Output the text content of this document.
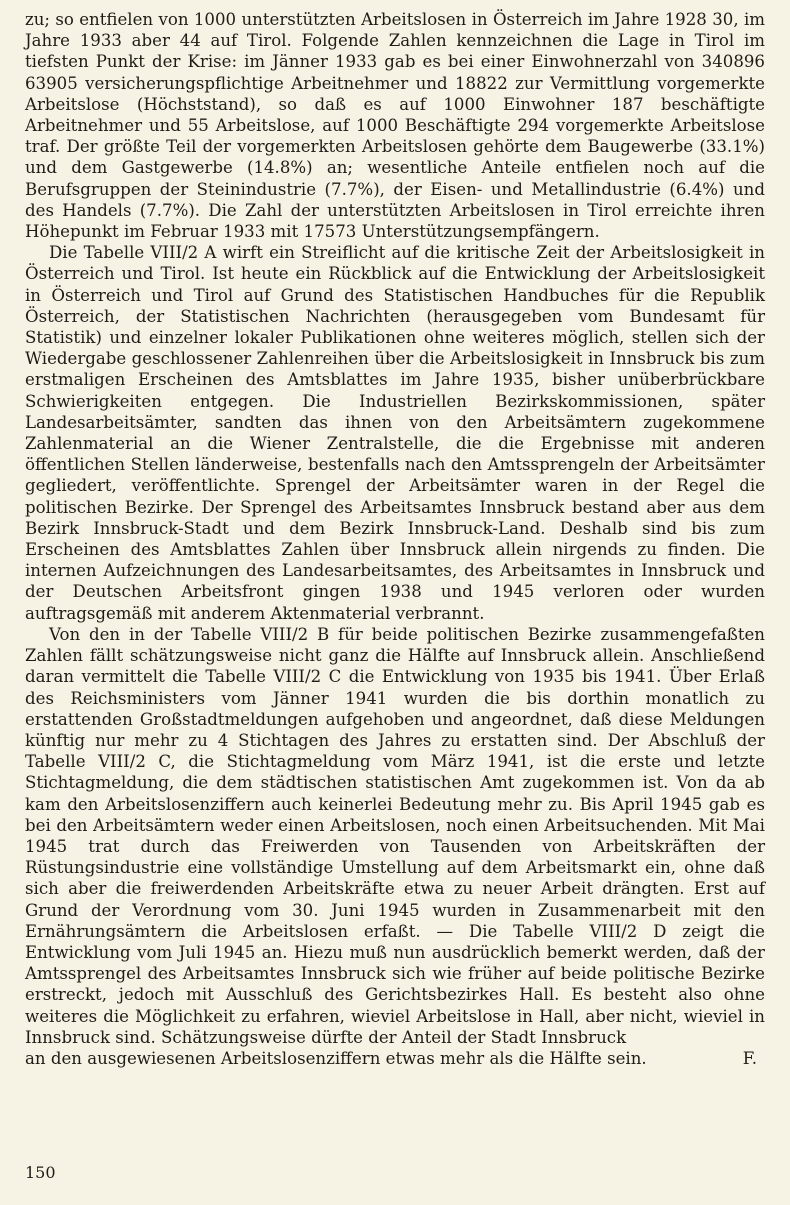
zu; so entfielen von 1000 unterstützten Arbeitslosen in Österreich im Jahre 1928 30, im Jahre 1933 aber 44 auf Tirol. Folgende Zahlen kennzeichnen die Lage in Tirol im tiefsten Punkt der Krise: im Jänner 1933 gab es bei einer Einwohnerzahl von 340896 63905 versicherungspflichtige Arbeitnehmer und 18822 zur Vermittlung vorgemerkte Arbeitslose (Höchststand), so daß es auf 1000 Einwohner 187 beschäftigte Arbeitnehmer und 55 Arbeitslose, auf 1000 Beschäftigte 294 vorgemerkte Arbeitslose traf. Der größte Teil der vorgemerkten Arbeitslosen gehörte dem Baugewerbe (33.1%) und dem Gastgewerbe (14.8%) an; wesentliche Anteile entfielen noch auf die Berufsgruppen der Steinindustrie (7.7%), der Eisen- und Metallindustrie (6.4%) und des Handels (7.7%). Die Zahl der unterstützten Arbeitslosen in Tirol erreichte ihren Höhepunkt im Februar 1933 mit 17573 Unterstützungsempfängern.

Die Tabelle VIII/2 A wirft ein Streiflicht auf die kritische Zeit der Arbeitslosigkeit in Österreich und Tirol. Ist heute ein Rückblick auf die Entwicklung der Arbeitslosigkeit in Österreich und Tirol auf Grund des Statistischen Handbuches für die Republik Österreich, der Statistischen Nachrichten (herausgegeben vom Bundesamt für Statistik) und einzelner lokaler Publikationen ohne weiteres möglich, stellen sich der Wiedergabe geschlossener Zahlenreihen über die Arbeitslosigkeit in Innsbruck bis zum erstmaligen Erscheinen des Amtsblattes im Jahre 1935, bisher unüberbrückbare Schwierigkeiten entgegen. Die Industriellen Bezirkskommissionen, später Landesarbeitsämter, sandten das ihnen von den Arbeitsämtern zugekommene Zahlenmaterial an die Wiener Zentralstelle, die die Ergebnisse mit anderen öffentlichen Stellen länderweise, bestenfalls nach den Amtssprengeln der Arbeitsämter gegliedert, veröffentlichte. Sprengel der Arbeitsämter waren in der Regel die politischen Bezirke. Der Sprengel des Arbeitsamtes Innsbruck bestand aber aus dem Bezirk Innsbruck-Stadt und dem Bezirk Innsbruck-Land. Deshalb sind bis zum Erscheinen des Amtsblattes Zahlen über Innsbruck allein nirgends zu finden. Die internen Aufzeichnungen des Landesarbeitsamtes, des Arbeitsamtes in Innsbruck und der Deutschen Arbeitsfront gingen 1938 und 1945 verloren oder wurden auftragsgemäß mit anderem Aktenmaterial verbrannt.

Von den in der Tabelle VIII/2 B für beide politischen Bezirke zusammengefaßten Zahlen fällt schätzungsweise nicht ganz die Hälfte auf Innsbruck allein. Anschließend daran vermittelt die Tabelle VIII/2 C die Entwicklung von 1935 bis 1941. Über Erlaß des Reichsministers vom Jänner 1941 wurden die bis dorthin monatlich zu erstattenden Großstadtmeldungen aufgehoben und angeordnet, daß diese Meldungen künftig nur mehr zu 4 Stichtagen des Jahres zu erstatten sind. Der Abschluß der Tabelle VIII/2 C, die Stichtagmeldung vom März 1941, ist die erste und letzte Stichtagmeldung, die dem städtischen statistischen Amt zugekommen ist. Von da ab kam den Arbeitslosenziffern auch keinerlei Bedeutung mehr zu. Bis April 1945 gab es bei den Arbeitsämtern weder einen Arbeitslosen, noch einen Arbeitsuchenden. Mit Mai 1945 trat durch das Freiwerden von Tausenden von Arbeitskräften der Rüstungsindustrie eine vollständige Umstellung auf dem Arbeitsmarkt ein, ohne daß sich aber die freiwerdenden Arbeitskräfte etwa zu neuer Arbeit drängten. Erst auf Grund der Verordnung vom 30. Juni 1945 wurden in Zusammenarbeit mit den Ernährungsämtern die Arbeitslosen erfaßt. — Die Tabelle VIII/2 D zeigt die Entwicklung vom Juli 1945 an. Hiezu muß nun ausdrücklich bemerkt werden, daß der Amtssprengel des Arbeitsamtes Innsbruck sich wie früher auf beide politische Bezirke erstreckt, jedoch mit Ausschluß des Gerichtsbezirkes Hall. Es besteht also ohne weiteres die Möglichkeit zu erfahren, wieviel Arbeitslose in Hall, aber nicht, wieviel in Innsbruck sind. Schätzungsweise dürfte der Anteil der Stadt Innsbruck

an den ausgewiesenen Arbeitslosenziffern etwas mehr als die Hälfte sein.	F.
150
